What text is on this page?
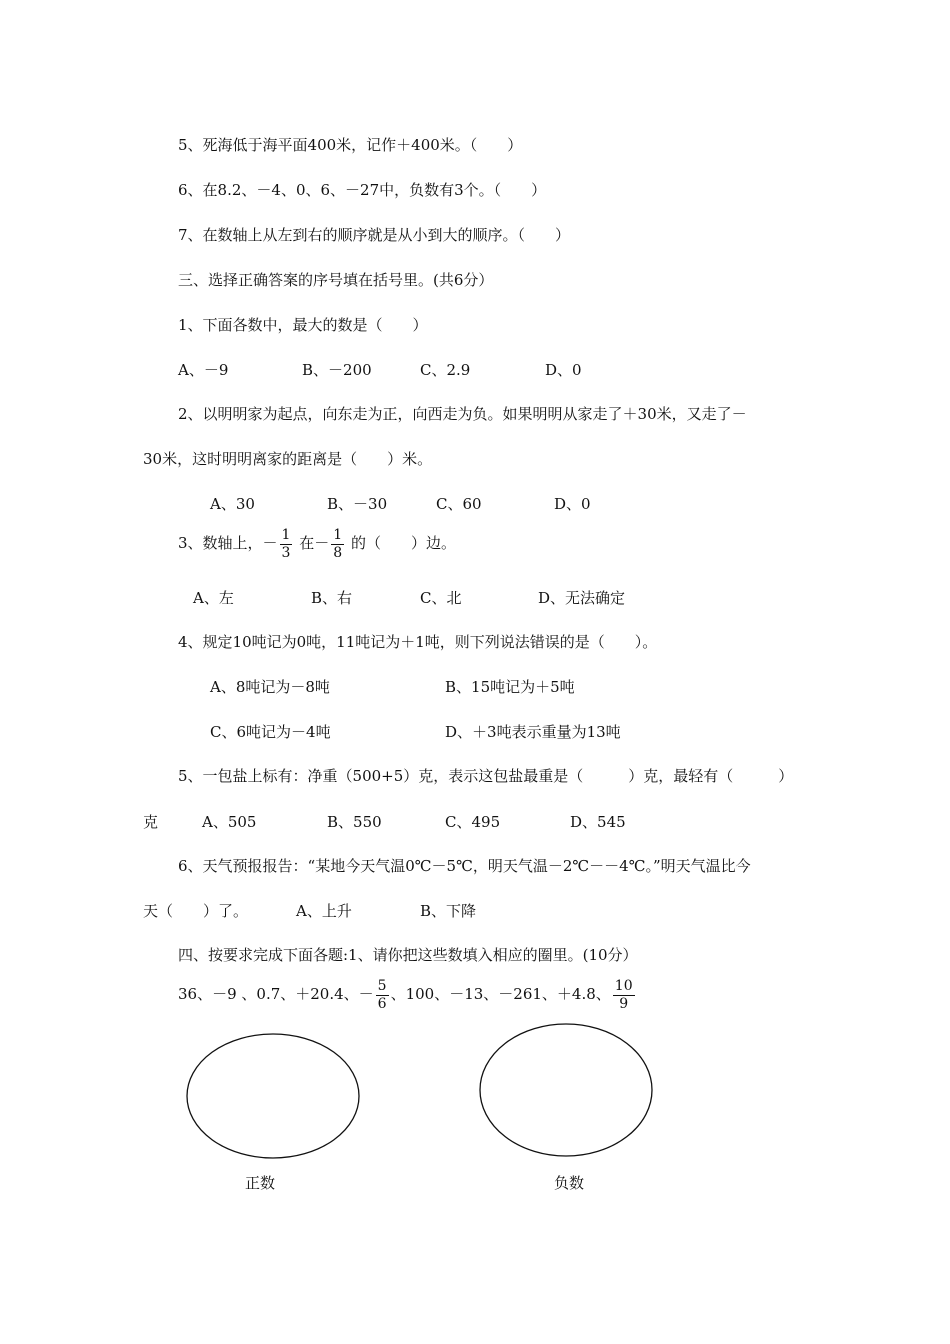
5、死海低于海平面400米，记作＋400米。（　　）
6、在8.2、－4、0、6、－27中，负数有3个。（　　）
7、在数轴上从左到右的顺序就是从小到大的顺序。（　　）
三、选择正确答案的序号填在括号里。(共6分）
1、下面各数中，最大的数是（　　）
A、－9	B、－200	C、2.9	D、0
2、以明明家为起点，向东走为正，向西走为负。如果明明从家走了＋30米，又走了－
30米，这时明明离家的距离是（　　）米。
A、30	B、－30	C、60	D、0
3、数轴上，－ $\frac{1}{3}$ 在－ $\frac{1}{8}$ 的（　　）边。
A、左	B、右	C、北	D、无法确定
4、规定10吨记为0吨，11吨记为＋1吨，则下列说法错误的是（　　）。
A、8吨记为－8吨	B、15吨记为＋5吨
C、6吨记为－4吨	D、＋3吨表示重量为13吨
5、一包盐上标有：净重（500+5）克，表示这包盐最重是（　　　）克，最轻有（　　　）
克	A、505	B、550	C、495	D、545
6、天气预报报告：“某地今天气温0℃－5℃，明天气温－2℃－－4℃。”明天气温比今
天（　　）了。	A、上升	B、下降
四、按要求完成下面各题:1、请你把这些数填入相应的圈里。(10分）
36、－9 、0.7、＋20.4、－ $\frac{5}{6}$ 、100、－13、－261、＋4.8、 $\frac{10}{9}$
正数	负数
